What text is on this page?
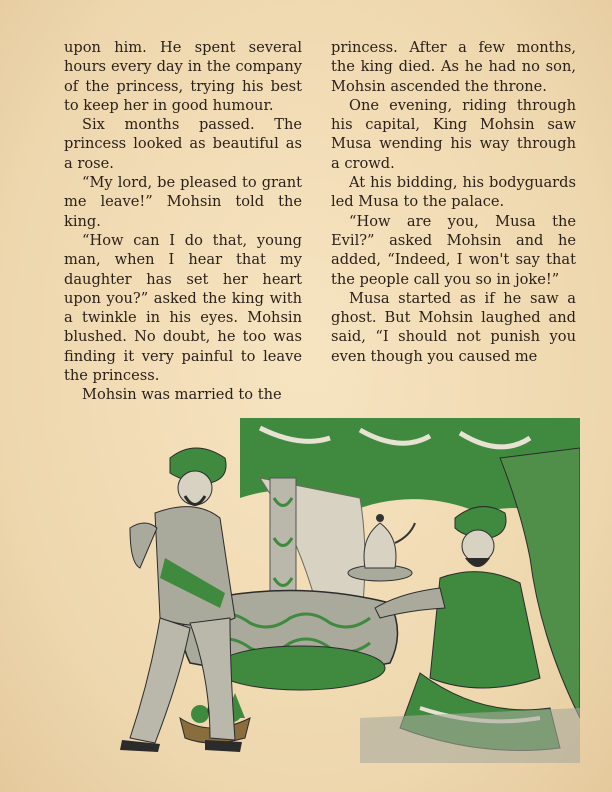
upon him. He spent several hours every day in the company of the princess, trying his best to keep her in good humour.

Six months passed. The princess looked as beautiful as a rose.

“My lord, be pleased to grant me leave!” Mohsin told the king.

“How can I do that, young man, when I hear that my daughter has set her heart upon you?” asked the king with a twinkle in his eyes. Mohsin blushed. No doubt, he too was finding it very painful to leave the princess.

Mohsin was married to the

princess. After a few months, the king died. As he had no son, Mohsin ascended the throne.

One evening, riding through his capital, King Mohsin saw Musa wending his way through a crowd.

At his bidding, his bodyguards led Musa to the palace.

“How are you, Musa the Evil?” asked Mohsin and he added, “Indeed, I won't say that the people call you so in joke!”

Musa started as if he saw a ghost. But Mohsin laughed and said, “I should not punish you even though you caused me
